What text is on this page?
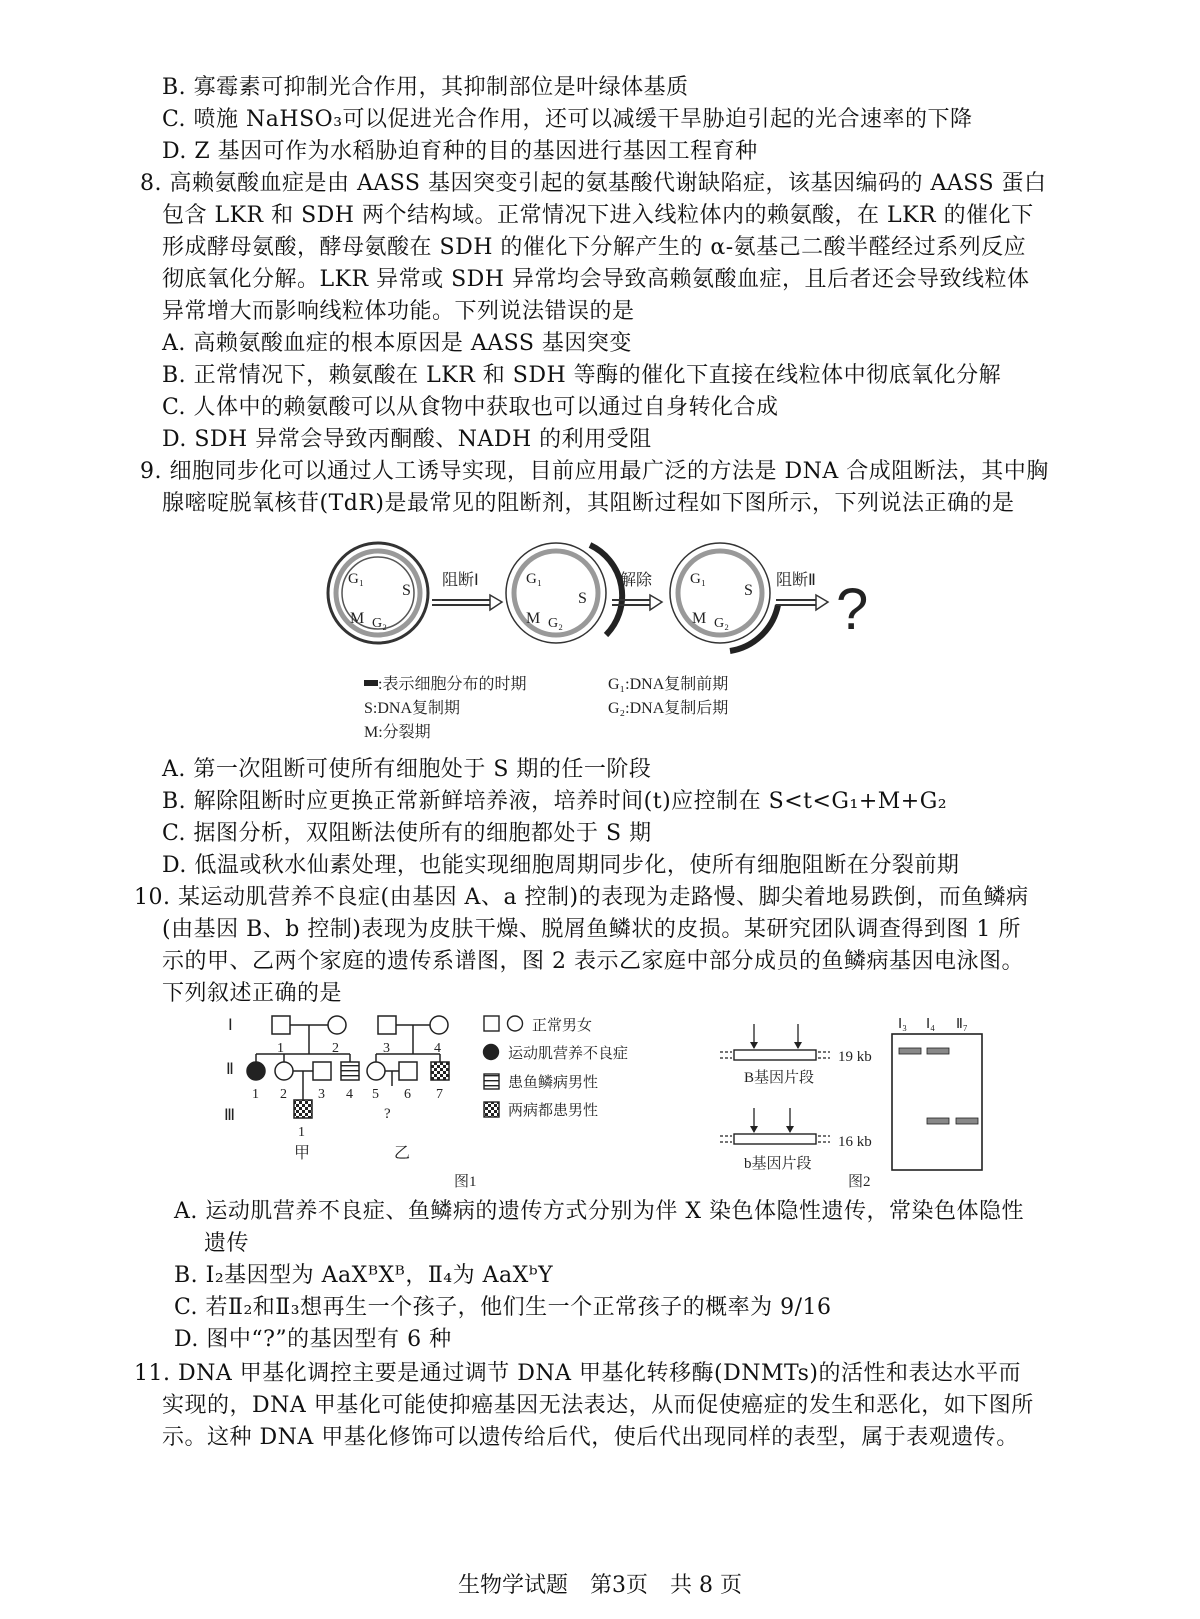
B. 寡霉素可抑制光合作用，其抑制部位是叶绿体基质
C. 喷施 NaHSO₃可以促进光合作用，还可以减缓干旱胁迫引起的光合速率的下降
D. Z 基因可作为水稻胁迫育种的目的基因进行基因工程育种
8. 高赖氨酸血症是由 AASS 基因突变引起的氨基酸代谢缺陷症，该基因编码的 AASS 蛋白
包含 LKR 和 SDH 两个结构域。正常情况下进入线粒体内的赖氨酸，在 LKR 的催化下
形成酵母氨酸，酵母氨酸在 SDH 的催化下分解产生的 α-氨基己二酸半醛经过系列反应
彻底氧化分解。LKR 异常或 SDH 异常均会导致高赖氨酸血症，且后者还会导致线粒体
异常增大而影响线粒体功能。下列说法错误的是
A. 高赖氨酸血症的根本原因是 AASS 基因突变
B. 正常情况下，赖氨酸在 LKR 和 SDH 等酶的催化下直接在线粒体中彻底氧化分解
C. 人体中的赖氨酸可以从食物中获取也可以通过自身转化合成
D. SDH 异常会导致丙酮酸、NADH 的利用受阻
9. 细胞同步化可以通过人工诱导实现，目前应用最广泛的方法是 DNA 合成阻断法，其中胸
腺嘧啶脱氧核苷(TdR)是最常见的阻断剂，其阻断过程如下图所示，下列说法正确的是
G₁
S
M G₂
阻断Ⅰ	G₁
S
M G₂
解除	G₁
S
M G₂
阻断Ⅱ ?
:表示细胞分布的时期
S:DNA复制期
M:分裂期
G₁:DNA复制前期
G₂:DNA复制后期
A. 第一次阻断可使所有细胞处于 S 期的任一阶段
B. 解除阻断时应更换正常新鲜培养液，培养时间(t)应控制在 S<t<G₁+M+G₂
C. 据图分析，双阻断法使所有的细胞都处于 S 期
D. 低温或秋水仙素处理，也能实现细胞周期同步化，使所有细胞阻断在分裂前期
10. 某运动肌营养不良症(由基因 A、a 控制)的表现为走路慢、脚尖着地易跌倒，而鱼鳞病
(由基因 B、b 控制)表现为皮肤干燥、脱屑鱼鳞状的皮损。某研究团队调查得到图 1 所
示的甲、乙两个家庭的遗传系谱图，图 2 表示乙家庭中部分成员的鱼鳞病基因电泳图。
下列叙述正确的是
Ⅰ
Ⅱ
Ⅲ
1	2
1 2 3 4
1
甲
3	4
5 6 7
?
乙
正常男女
运动肌营养不良症
患鱼鳞病男性
两病都患男性
图1
19 kb
B基因片段
16 kb
b基因片段
Ⅰ₃ Ⅰ₄ Ⅱ₇
图2
A. 运动肌营养不良症、鱼鳞病的遗传方式分别为伴 X 染色体隐性遗传，常染色体隐性
遗传
B. Ⅰ₂基因型为 AaXᴮXᴮ，Ⅱ₄为 AaXᵇY
C. 若Ⅱ₂和Ⅱ₃想再生一个孩子，他们生一个正常孩子的概率为 9/16
D. 图中“?”的基因型有 6 种
11. DNA 甲基化调控主要是通过调节 DNA 甲基化转移酶(DNMTs)的活性和表达水平而
实现的，DNA 甲基化可能使抑癌基因无法表达，从而促使癌症的发生和恶化，如下图所
示。这种 DNA 甲基化修饰可以遗传给后代，使后代出现同样的表型，属于表观遗传。
生物学试题　第3页　共 8 页
